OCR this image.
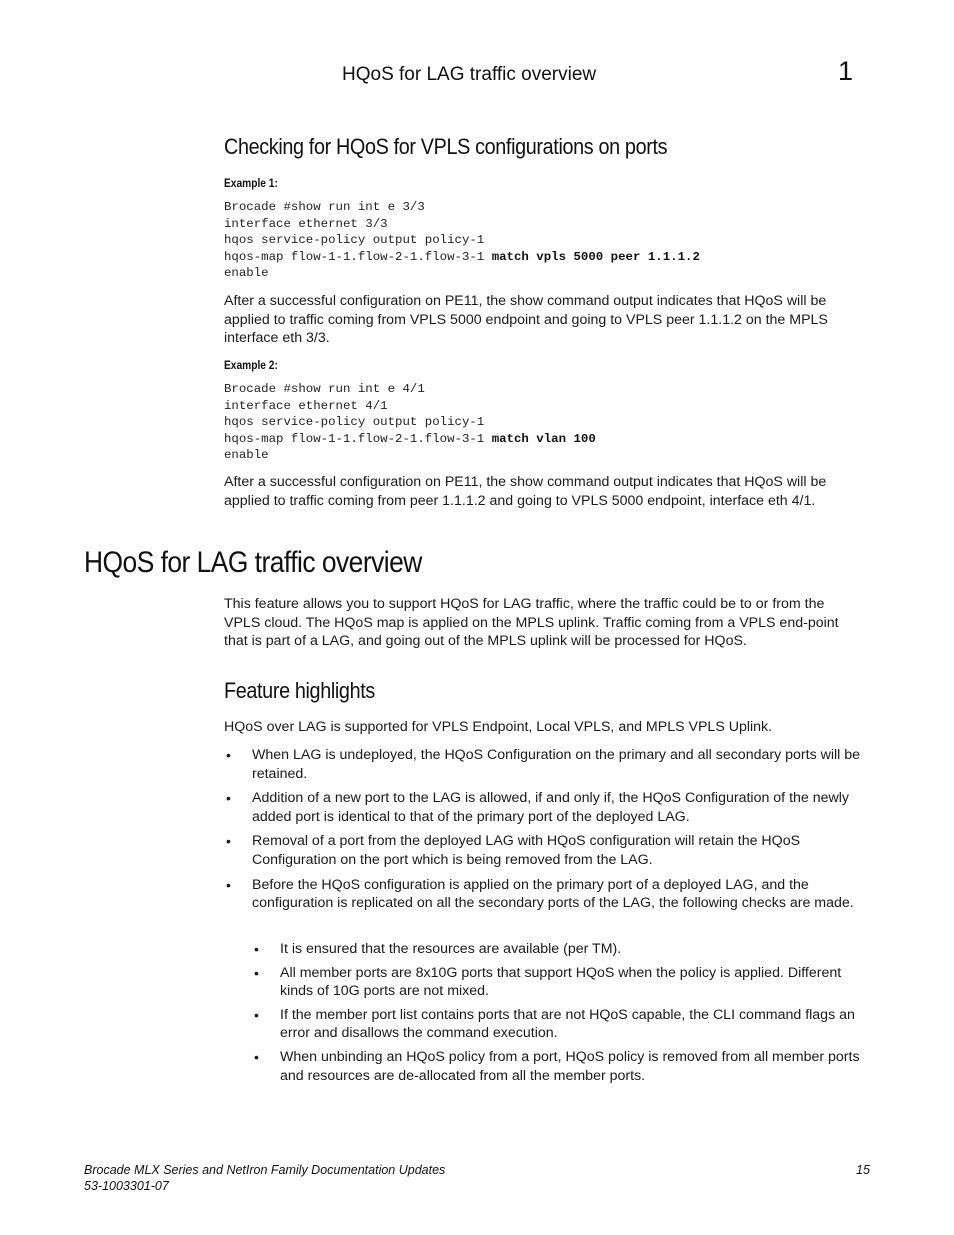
HQoS for LAG traffic overview	1
Checking for HQoS for VPLS configurations on ports
Example 1:
Brocade #show run int e 3/3
interface ethernet 3/3
hqos service-policy output policy-1
hqos-map flow-1-1.flow-2-1.flow-3-1 match vpls 5000 peer 1.1.1.2
enable
After a successful configuration on PE11, the show command output indicates that HQoS will be applied to traffic coming from VPLS 5000 endpoint and going to VPLS peer 1.1.1.2 on the MPLS interface eth 3/3.
Example 2:
Brocade #show run int e 4/1
interface ethernet 4/1
hqos service-policy output policy-1
hqos-map flow-1-1.flow-2-1.flow-3-1 match vlan 100
enable
After a successful configuration on PE11, the show command output indicates that HQoS will be applied to traffic coming from peer 1.1.1.2 and going to VPLS 5000 endpoint, interface eth 4/1.
HQoS for LAG traffic overview
This feature allows you to support HQoS for LAG traffic, where the traffic could be to or from the VPLS cloud. The HQoS map is applied on the MPLS uplink. Traffic coming from a VPLS end-point that is part of a LAG, and going out of the MPLS uplink will be processed for HQoS.
Feature highlights
HQoS over LAG is supported for VPLS Endpoint, Local VPLS, and MPLS VPLS Uplink.
• When LAG is undeployed, the HQoS Configuration on the primary and all secondary ports will be retained.
• Addition of a new port to the LAG is allowed, if and only if, the HQoS Configuration of the newly added port is identical to that of the primary port of the deployed LAG.
• Removal of a port from the deployed LAG with HQoS configuration will retain the HQoS Configuration on the port which is being removed from the LAG.
• Before the HQoS configuration is applied on the primary port of a deployed LAG, and the configuration is replicated on all the secondary ports of the LAG, the following checks are made.
• It is ensured that the resources are available (per TM).
• All member ports are 8x10G ports that support HQoS when the policy is applied. Different kinds of 10G ports are not mixed.
• If the member port list contains ports that are not HQoS capable, the CLI command flags an error and disallows the command execution.
• When unbinding an HQoS policy from a port, HQoS policy is removed from all member ports and resources are de-allocated from all the member ports.
Brocade MLX Series and NetIron Family Documentation Updates
53-1003301-07
15
